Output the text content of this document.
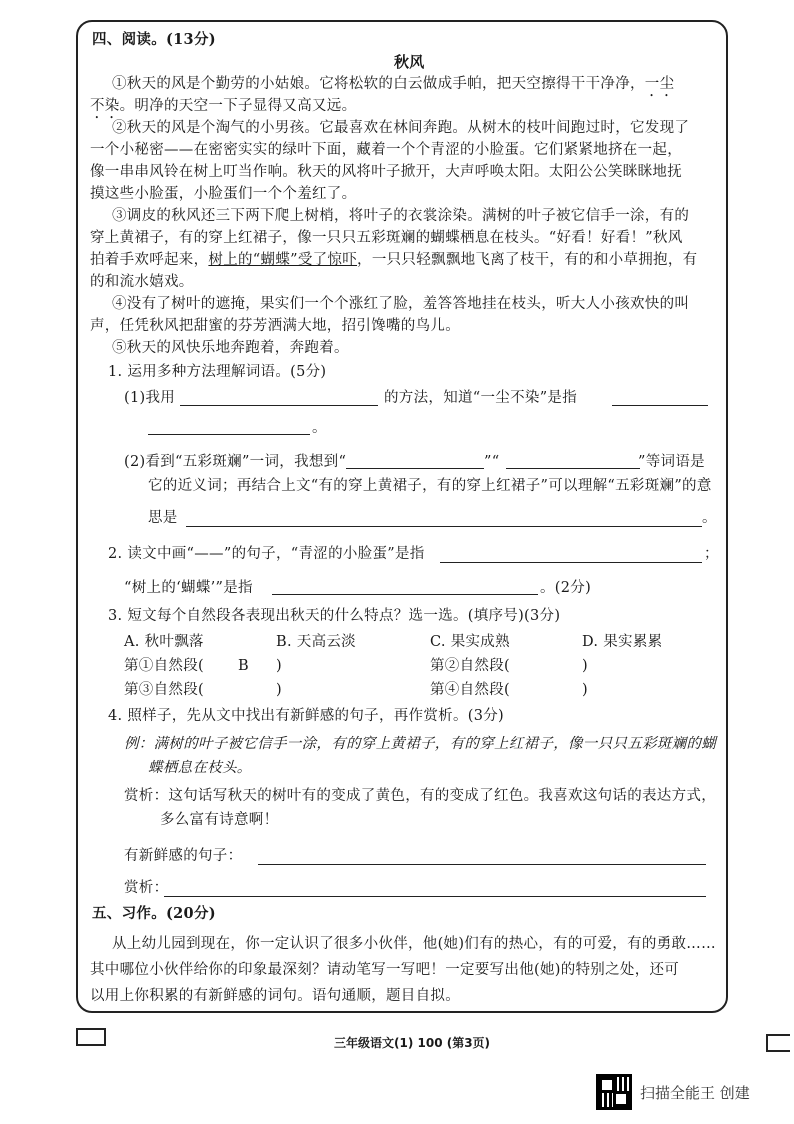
四、阅读。(13分)
秋风
①秋天的风是个勤劳的小姑娘。它将松软的白云做成手帕，把天空擦得干干净净，一尘
不染。明净的天空一下子显得又高又远。
②秋天的风是个淘气的小男孩。它最喜欢在林间奔跑。从树木的枝叶间跑过时，它发现了
一个小秘密——在密密实实的绿叶下面，藏着一个个青涩的小脸蛋。它们紧紧地挤在一起，
像一串串风铃在树上叮当作响。秋天的风将叶子掀开，大声呼唤太阳。太阳公公笑眯眯地抚
摸这些小脸蛋，小脸蛋们一个个羞红了。
③调皮的秋风还三下两下爬上树梢，将叶子的衣裳涂染。满树的叶子被它信手一涂，有的
穿上黄裙子，有的穿上红裙子，像一只只五彩斑斓的蝴蝶栖息在枝头。“好看！好看！”秋风
拍着手欢呼起来，树上的“蝴蝶”受了惊吓，一只只轻飘飘地飞离了枝干，有的和小草拥抱，有
的和流水嬉戏。
④没有了树叶的遮掩，果实们一个个涨红了脸，羞答答地挂在枝头，听大人小孩欢快的叫
声，任凭秋风把甜蜜的芬芳洒满大地，招引馋嘴的鸟儿。
⑤秋天的风快乐地奔跑着，奔跑着。
1. 运用多种方法理解词语。(5分)
(1)我用	的方法，知道“一尘不染”是指
。
(2)看到“五彩斑斓”一词，我想到“	”“	”等词语是
它的近义词；再结合上文“有的穿上黄裙子，有的穿上红裙子”可以理解“五彩斑斓”的意
思是	。
2. 读文中画“——”的句子，“青涩的小脸蛋”是指	；
“树上的‘蝴蝶’”是指	。(2分)
3. 短文每个自然段各表现出秋天的什么特点？选一选。(填序号)(3分)
A. 秋叶飘落	B. 天高云淡	C. 果实成熟	D. 果实累累
第①自然段( B )	第②自然段(	)
第③自然段(	)	第④自然段(	)
4. 照样子，先从文中找出有新鲜感的句子，再作赏析。(3分)
例：满树的叶子被它信手一涂，有的穿上黄裙子，有的穿上红裙子，像一只只五彩斑斓的蝴
蝶栖息在枝头。
赏析：这句话写秋天的树叶有的变成了黄色，有的变成了红色。我喜欢这句话的表达方式，
多么富有诗意啊！
有新鲜感的句子：
赏析：
五、习作。(20分)
从上幼儿园到现在，你一定认识了很多小伙伴，他(她)们有的热心，有的可爱，有的勇敢……
其中哪位小伙伴给你的印象最深刻？请动笔写一写吧！一定要写出他(她)的特别之处，还可
以用上你积累的有新鲜感的词句。语句通顺，题目自拟。
三年级语文(1) 100 (第3页)
扫描全能王 创建
